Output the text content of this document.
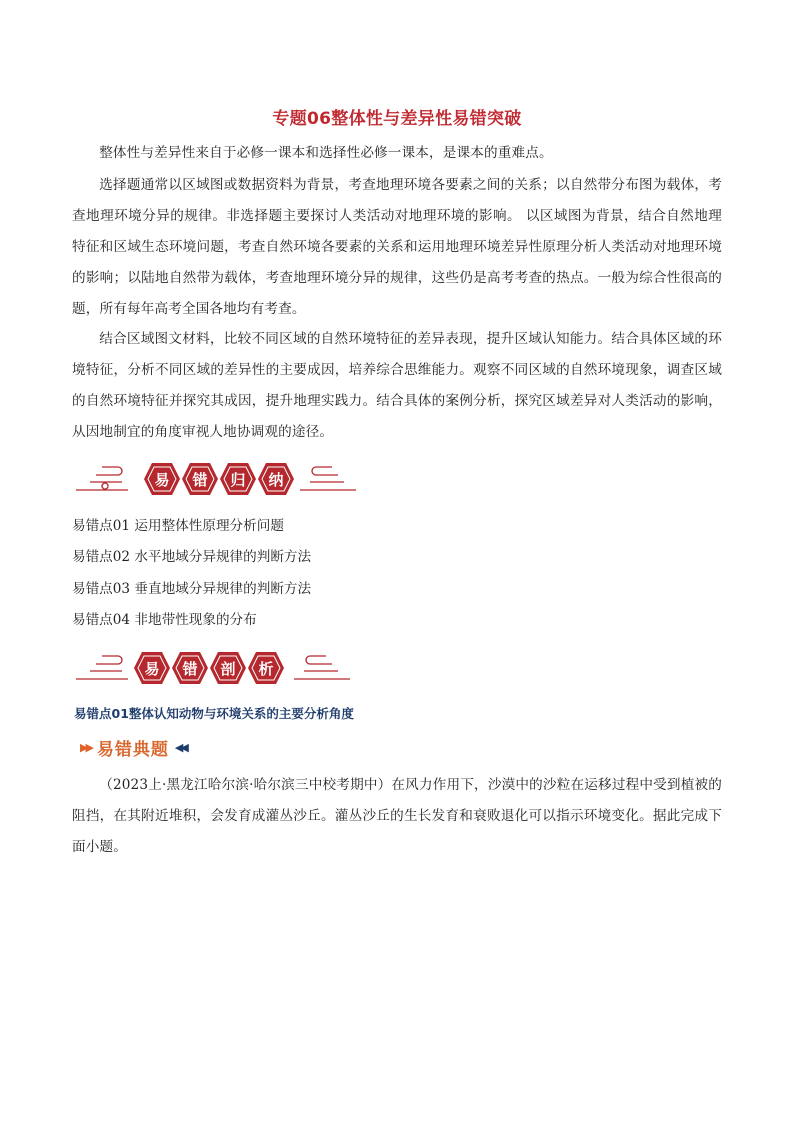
专题06整体性与差异性易错突破

整体性与差异性来自于必修一课本和选择性必修一课本，是课本的重难点。

选择题通常以区域图或数据资料为背景，考查地理环境各要素之间的关系；以自然带分布图为载体，考查地理环境分异的规律。非选择题主要探讨人类活动对地理环境的影响。 以区域图为背景，结合自然地理特征和区域生态环境问题，考查自然环境各要素的关系和运用地理环境差异性原理分析人类活动对地理环境的影响；以陆地自然带为载体，考查地理环境分异的规律，这些仍是高考考查的热点。一般为综合性很高的题，所有每年高考全国各地均有考查。

结合区域图文材料，比较不同区域的自然环境特征的差异表现，提升区域认知能力。结合具体区域的环境特征，分析不同区域的差异性的主要成因，培养综合思维能力。观察不同区域的自然环境现象，调查区域的自然环境特征并探究其成因，提升地理实践力。结合具体的案例分析，探究区域差异对人类活动的影响，从因地制宜的角度审视人地协调观的途径。

易 错 归 纳
易错点01 运用整体性原理分析问题
易错点02 水平地域分异规律的判断方法
易错点03 垂直地域分异规律的判断方法
易错点04 非地带性现象的分布
易 错 剖 析
易错点01整体认知动物与环境关系的主要分析角度
▶▶ 易错典题 ◀◀

（2023上·黑龙江哈尔滨·哈尔滨三中校考期中）在风力作用下，沙漠中的沙粒在运移过程中受到植被的阻挡，在其附近堆积，会发育成灌丛沙丘。灌丛沙丘的生长发育和衰败退化可以指示环境变化。据此完成下面小题。
